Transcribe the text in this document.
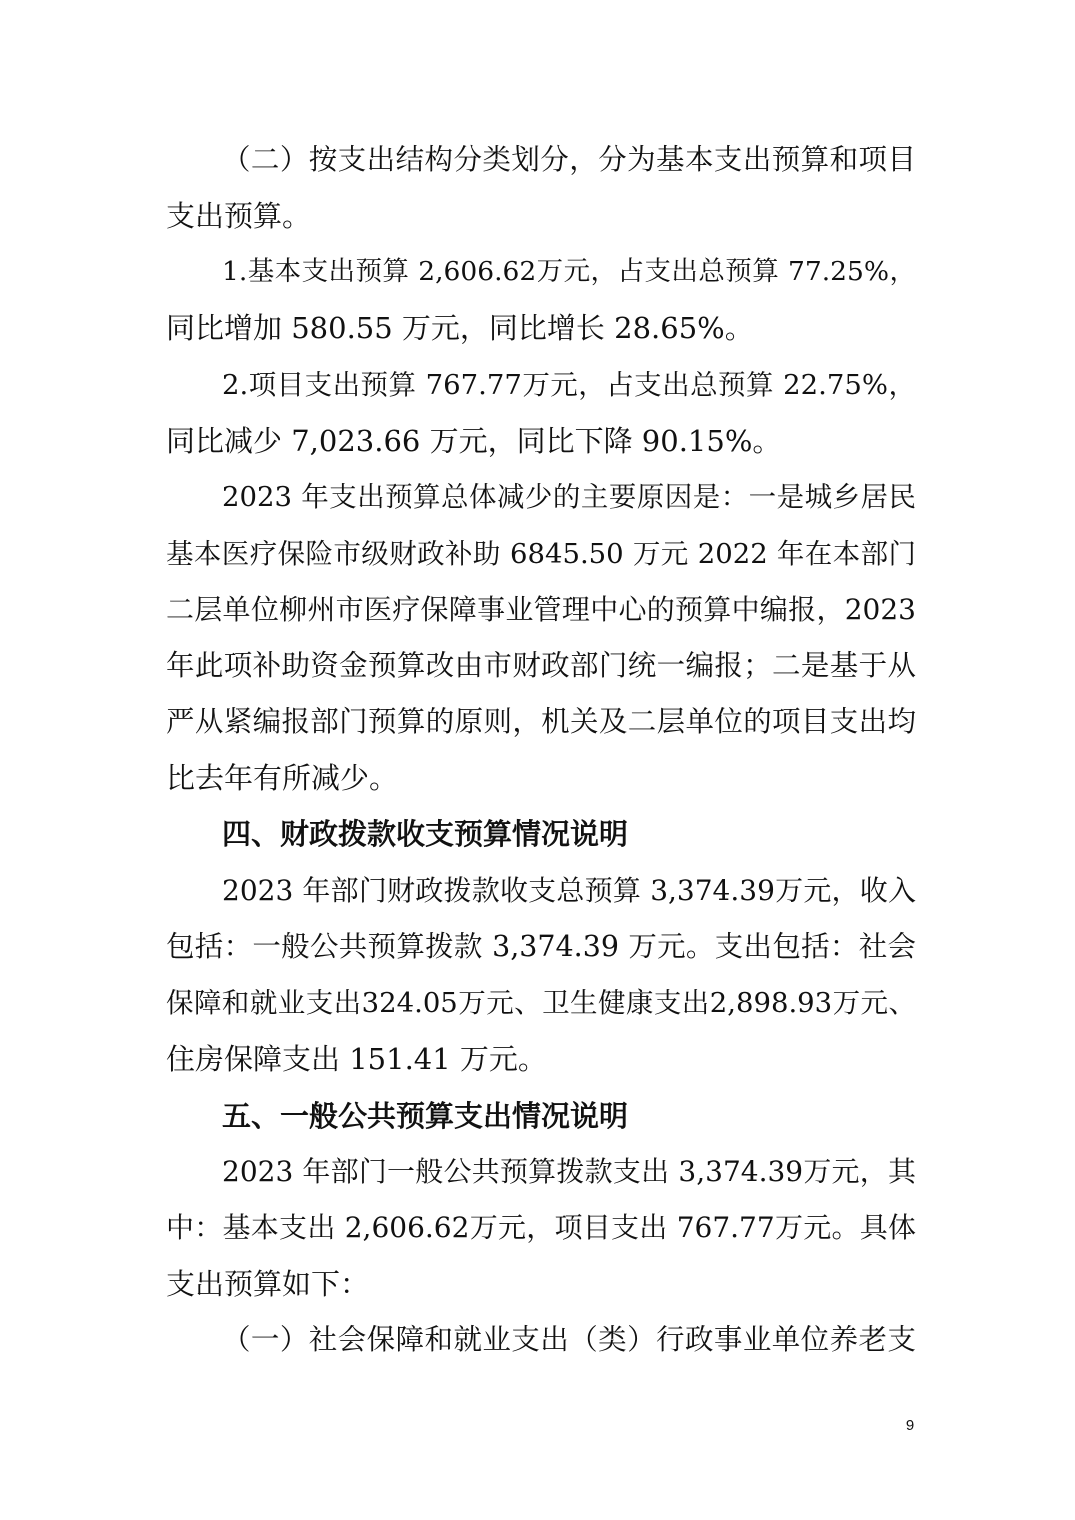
（二）按支出结构分类划分，分为基本支出预算和项目
支出预算。
1.基本支出预算 2,606.62万元，占支出总预算 77.25%，
同比增加 580.55 万元，同比增长 28.65%。
2.项目支出预算 767.77万元，占支出总预算 22.75%，
同比减少 7,023.66 万元，同比下降 90.15%。
2023 年支出预算总体减少的主要原因是：一是城乡居民
基本医疗保险市级财政补助 6845.50 万元 2022 年在本部门
二层单位柳州市医疗保障事业管理中心的预算中编报，2023
年此项补助资金预算改由市财政部门统一编报；二是基于从
严从紧编报部门预算的原则，机关及二层单位的项目支出均
比去年有所减少。
四、财政拨款收支预算情况说明
2023 年部门财政拨款收支总预算 3,374.39万元，收入
包括：一般公共预算拨款 3,374.39 万元。支出包括：社会
保障和就业支出324.05万元、卫生健康支出2,898.93万元、
住房保障支出 151.41 万元。
五、一般公共预算支出情况说明
2023 年部门一般公共预算拨款支出 3,374.39万元，其
中：基本支出 2,606.62万元，项目支出 767.77万元。具体
支出预算如下：
（一）社会保障和就业支出（类）行政事业单位养老支
9
